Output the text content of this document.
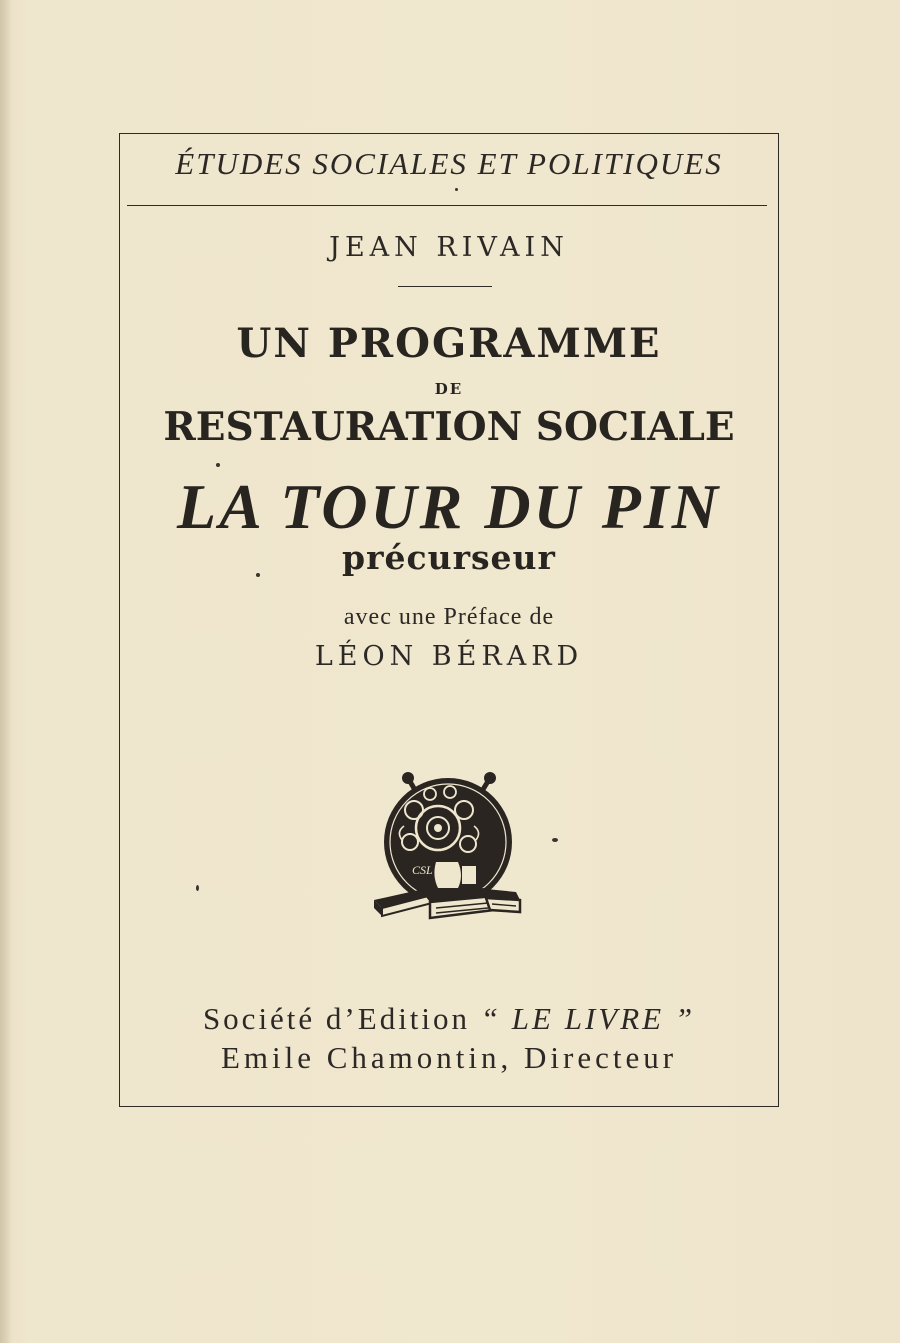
ÉTUDES SOCIALES ET POLITIQUES
JEAN RIVAIN
UN PROGRAMME
DE
RESTAURATION SOCIALE
LA TOUR DU PIN
précurseur
avec une Préface de
LÉON BÉRARD
CSL
Société d’Edition “ LE LIVRE ”
Emile Chamontin, Directeur
